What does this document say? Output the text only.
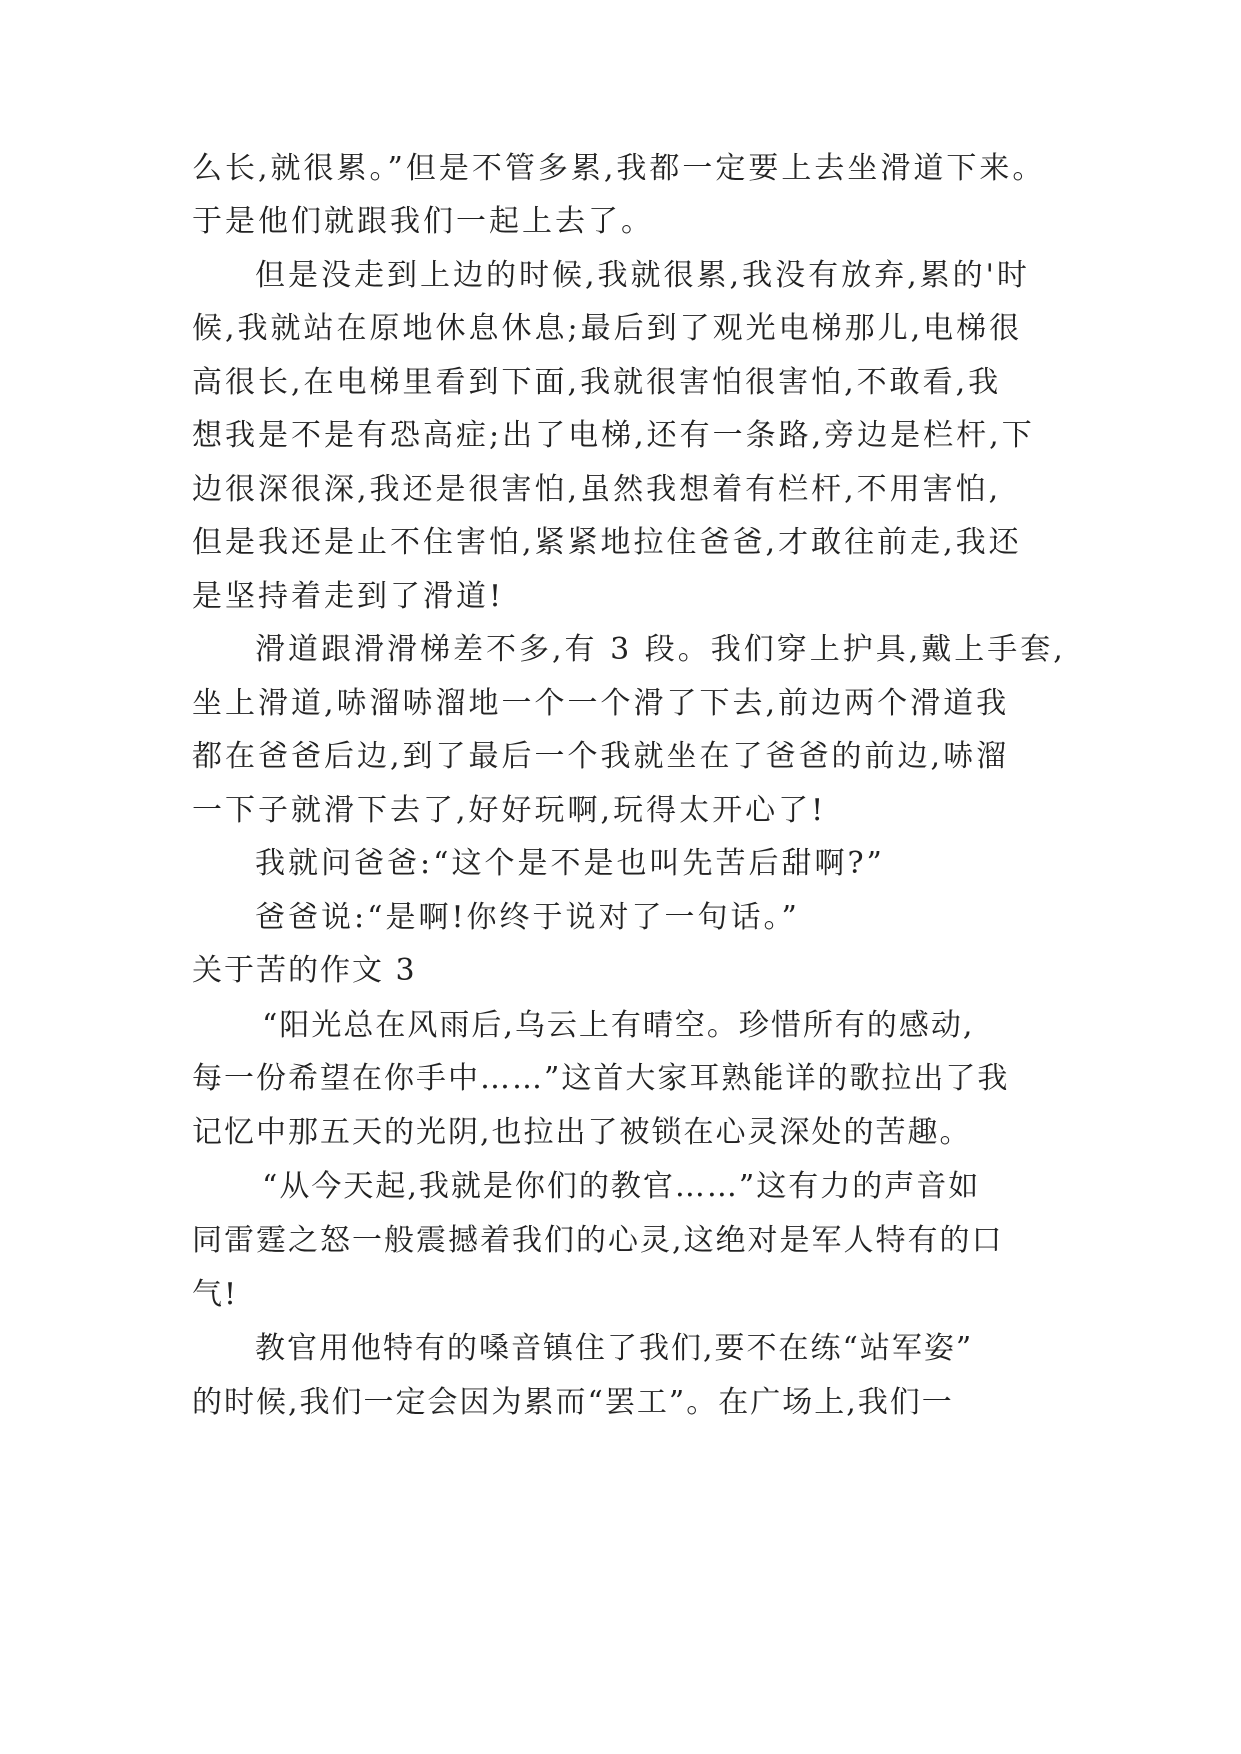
么长,就很累。”但是不管多累,我都一定要上去坐滑道下来。

于是他们就跟我们一起上去了。

但是没走到上边的时候,我就很累,我没有放弃,累的'时

候,我就站在原地休息休息;最后到了观光电梯那儿,电梯很

高很长,在电梯里看到下面,我就很害怕很害怕,不敢看,我

想我是不是有恐高症;出了电梯,还有一条路,旁边是栏杆,下

边很深很深,我还是很害怕,虽然我想着有栏杆,不用害怕,

但是我还是止不住害怕,紧紧地拉住爸爸,才敢往前走,我还

是坚持着走到了滑道!

滑道跟滑滑梯差不多,有 3 段。我们穿上护具,戴上手套,

坐上滑道,哧溜哧溜地一个一个滑了下去,前边两个滑道我

都在爸爸后边,到了最后一个我就坐在了爸爸的前边,哧溜

一下子就滑下去了,好好玩啊,玩得太开心了!

我就问爸爸:“这个是不是也叫先苦后甜啊?”

爸爸说:“是啊!你终于说对了一句话。”

关于苦的作文 3

“阳光总在风雨后,乌云上有晴空。珍惜所有的感动,

每一份希望在你手中……”这首大家耳熟能详的歌拉出了我

记忆中那五天的光阴,也拉出了被锁在心灵深处的苦趣。

“从今天起,我就是你们的教官……”这有力的声音如

同雷霆之怒一般震撼着我们的心灵,这绝对是军人特有的口

气!

教官用他特有的嗓音镇住了我们,要不在练“站军姿”

的时候,我们一定会因为累而“罢工”。在广场上,我们一
